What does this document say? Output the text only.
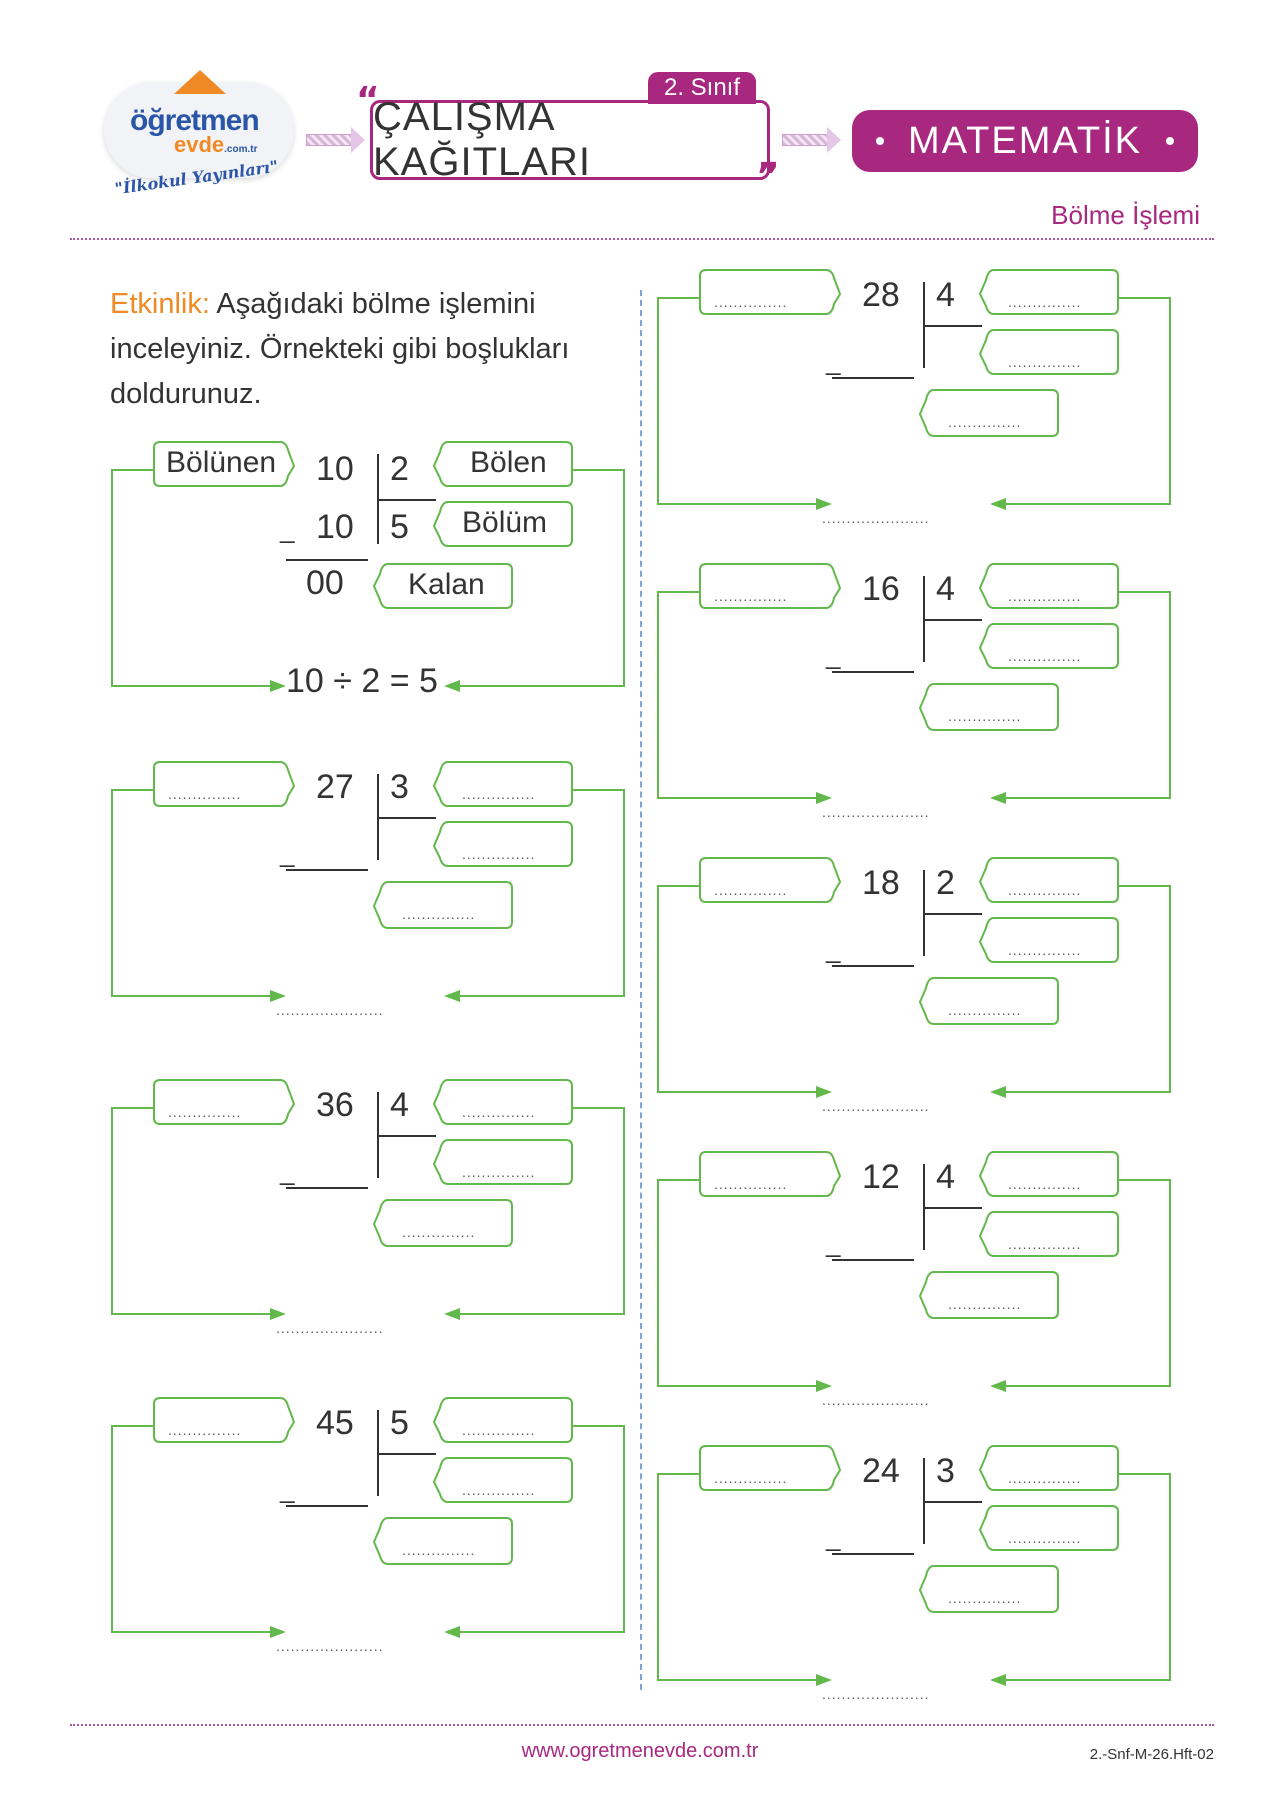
öğretmen
evde.com.tr
"İlkokul Yayınları"
“	2. Sınıf
ÇALIŞMA KAĞITLARI	”
MATEMATİK
Bölme İşlemi
Etkinlik: Aşağıdaki bölme işlemini inceleyiniz. Örnekteki gibi boşlukları doldurunuz.
Bölünen	Bölen
Bölüm
Kalan
10 2
10 5
_
00
10 ÷ 2 = 5
............... 27 3	...............
...............
_
...............
......................
............... 36 4	...............
...............
_
...............
......................
............... 45 5	...............
...............
_
...............
......................
............... 28 4	...............
...............
_
...............
......................
............... 16 4	...............
...............
_
...............
......................
............... 18 2	...............
...............
_
...............
......................
............... 12 4	...............
...............
_
...............
......................
............... 24 3	...............
...............
_
...............
......................
www.ogretmenevde.com.tr	2.-Snf-M-26.Hft-02
